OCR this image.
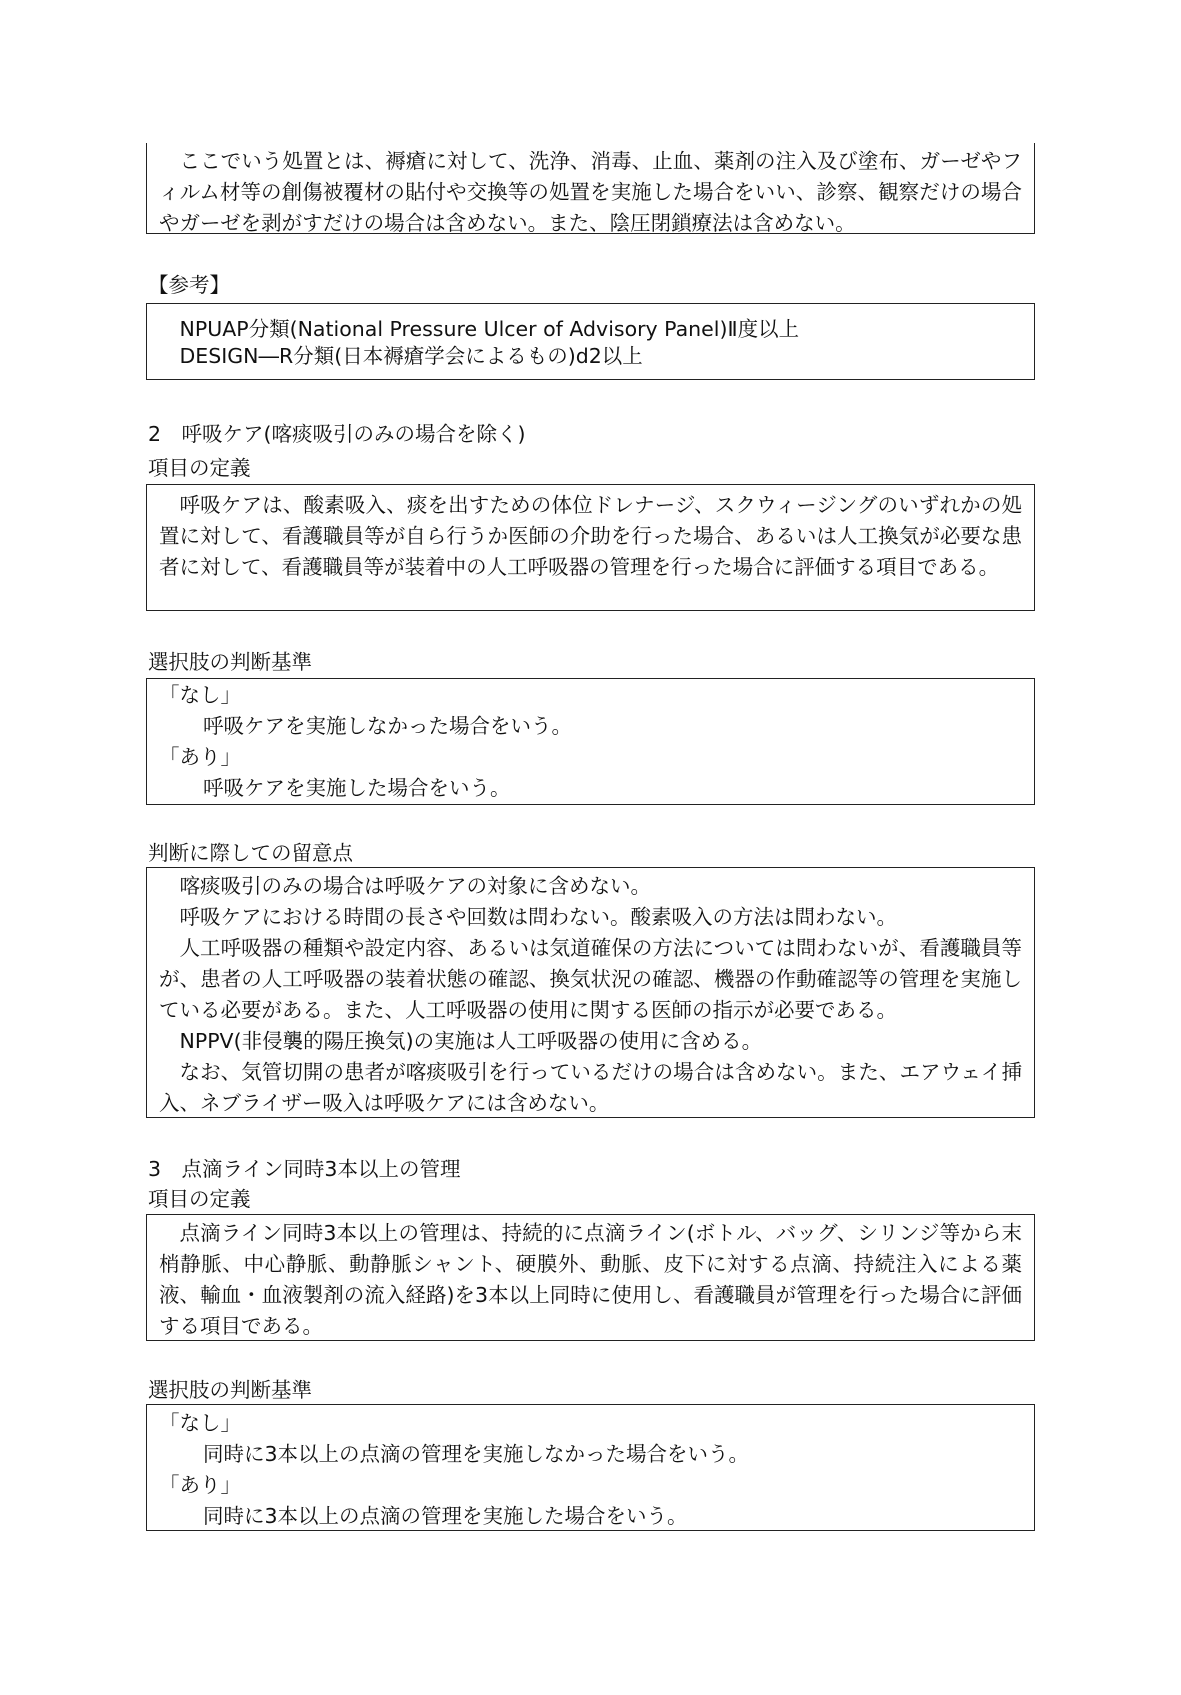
ここでいう処置とは、褥瘡に対して、洗浄、消毒、止血、薬剤の注入及び塗布、ガーゼやフィルム材等の創傷被覆材の貼付や交換等の処置を実施した場合をいい、診察、観察だけの場合やガーゼを剥がすだけの場合は含めない。また、陰圧閉鎖療法は含めない。

【参考】

NPUAP分類(National Pressure Ulcer of Advisory Panel)Ⅱ度以上

DESIGN―R分類(日本褥瘡学会によるもの)d2以上

2　呼吸ケア(喀痰吸引のみの場合を除く)
項目の定義

呼吸ケアは、酸素吸入、痰を出すための体位ドレナージ、スクウィージングのいずれかの処置に対して、看護職員等が自ら行うか医師の介助を行った場合、あるいは人工換気が必要な患者に対して、看護職員等が装着中の人工呼吸器の管理を行った場合に評価する項目である。

選択肢の判断基準

「なし」

呼吸ケアを実施しなかった場合をいう。

「あり」

呼吸ケアを実施した場合をいう。

判断に際しての留意点

喀痰吸引のみの場合は呼吸ケアの対象に含めない。

呼吸ケアにおける時間の長さや回数は問わない。酸素吸入の方法は問わない。

人工呼吸器の種類や設定内容、あるいは気道確保の方法については問わないが、看護職員等が、患者の人工呼吸器の装着状態の確認、換気状況の確認、機器の作動確認等の管理を実施している必要がある。また、人工呼吸器の使用に関する医師の指示が必要である。

NPPV(非侵襲的陽圧換気)の実施は人工呼吸器の使用に含める。

なお、気管切開の患者が喀痰吸引を行っているだけの場合は含めない。また、エアウェイ挿入、ネブライザー吸入は呼吸ケアには含めない。

3　点滴ライン同時3本以上の管理
項目の定義

点滴ライン同時3本以上の管理は、持続的に点滴ライン(ボトル、バッグ、シリンジ等から末梢静脈、中心静脈、動静脈シャント、硬膜外、動脈、皮下に対する点滴、持続注入による薬液、輸血・血液製剤の流入経路)を3本以上同時に使用し、看護職員が管理を行った場合に評価する項目である。

選択肢の判断基準

「なし」

同時に3本以上の点滴の管理を実施しなかった場合をいう。

「あり」

同時に3本以上の点滴の管理を実施した場合をいう。
